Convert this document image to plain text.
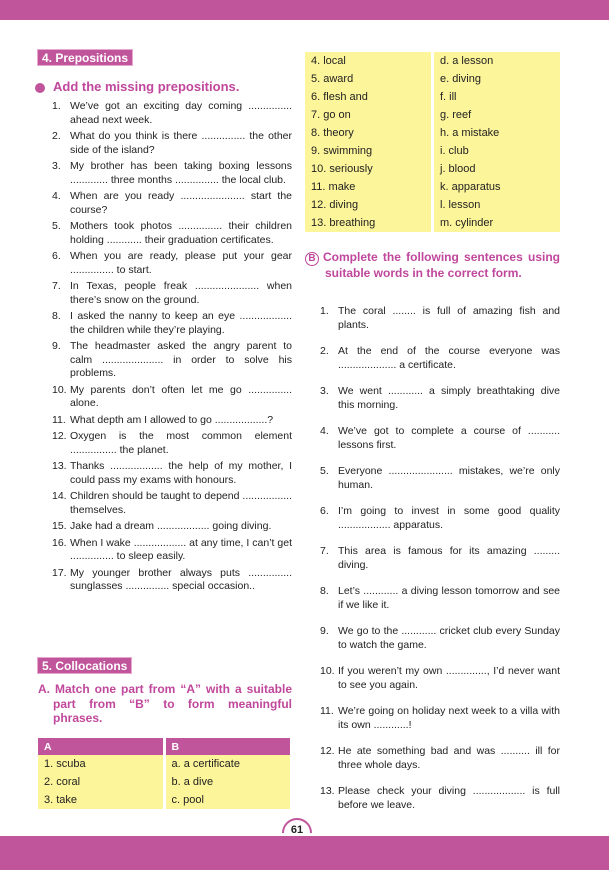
4. Prepositions
Add the missing prepositions.
1. We’ve got an exciting day coming ............... ahead next week.
2. What do you think is there ............... the other side of the island?
3. My brother has been taking boxing lessons ............. three months ............... the local club.
4. When are you ready ...................... start the course?
5. Mothers took photos ............... their children holding ............ their graduation certificates.
6. When you are ready, please put your gear ............... to start.
7. In Texas, people freak ...................... when there’s snow on the ground.
8. I asked the nanny to keep an eye .................. the children while they’re playing.
9. The headmaster asked the angry parent to calm ..................... in order to solve his problems.
10. My parents don’t often let me go ............... alone.
11. What depth am I allowed to go ..................?
12. Oxygen is the most common element ................ the planet.
13. Thanks .................. the help of my mother, I could pass my exams with honours.
14. Children should be taught to depend ................. themselves.
15. Jake had a dream .................. going diving.
16. When I wake .................. at any time, I can’t get ............... to sleep easily.
17. My younger brother always puts ............... sunglasses ............... special occasion..
5. Collocations
A. Match one part from “A” with a suitable part from “B” to form meaningful phrases.
A	B
1. scuba	a. a certificate
2. coral	b. a dive
3. take	c. pool
4. local	d. a lesson
5. award	e. diving
6. flesh and	f. ill
7. go on	g. reef
8. theory	h. a mistake
9. swimming	i. club
10. seriously	j. blood
11. make	k. apparatus
12. diving	l. lesson
13. breathing	m. cylinder
B Complete the following sentences using suitable words in the correct form.
1. The coral ........ is full of amazing fish and plants.
2. At the end of the course everyone was .................... a certificate.
3. We went ............ a simply breathtaking dive this morning.
4. We’ve got to complete a course of ........... lessons first.
5. Everyone ...................... mistakes, we’re only human.
6. I’m going to invest in some good quality .................. apparatus.
7. This area is famous for its amazing ......... diving.
8. Let’s ............ a diving lesson tomorrow and see if we like it.
9. We go to the ............ cricket club every Sunday to watch the game.
10. If you weren’t my own .............., I’d never want to see you again.
11. We’re going on holiday next week to a villa with its own ............!
12. He ate something bad and was .......... ill for three whole days.
13. Please check your diving .................. is full before we leave.
61
